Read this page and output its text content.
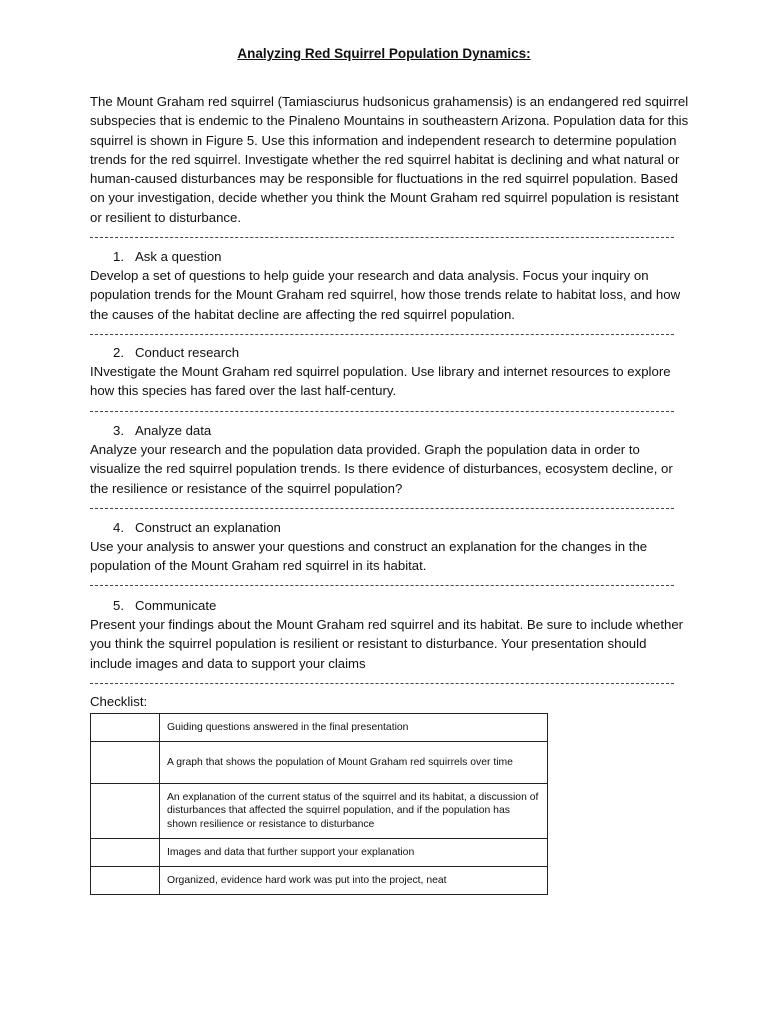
Analyzing Red Squirrel Population Dynamics:
The Mount Graham red squirrel (Tamiasciurus hudsonicus grahamensis) is an endangered red squirrel subspecies that is endemic to the Pinaleno Mountains in southeastern Arizona. Population data for this squirrel is shown in Figure 5. Use this information and independent research to determine population trends for the red squirrel. Investigate whether the red squirrel habitat is declining and what natural or human-caused disturbances may be responsible for fluctuations in the red squirrel population. Based on your investigation, decide whether you think the Mount Graham red squirrel population is resistant or resilient to disturbance.
1. Ask a question
Develop a set of questions to help guide your research and data analysis. Focus your inquiry on population trends for the Mount Graham red squirrel, how those trends relate to habitat loss, and how the causes of the habitat decline are affecting the red squirrel population.
2. Conduct research
INvestigate the Mount Graham red squirrel population. Use library and internet resources to explore how this species has fared over the last half-century.
3. Analyze data
Analyze your research and the population data provided. Graph the population data in order to visualize the red squirrel population trends. Is there evidence of disturbances, ecosystem decline, or the resilience or resistance of the squirrel population?
4. Construct an explanation
Use your analysis to answer your questions and construct an explanation for the changes in the population of the Mount Graham red squirrel in its habitat.
5. Communicate
Present your findings about the Mount Graham red squirrel and its habitat. Be sure to include whether you think the squirrel population is resilient or resistant to disturbance. Your presentation should include images and data to support your claims
Checklist:
	Guiding questions answered in the final presentation
	A graph that shows the population of Mount Graham red squirrels over time
	An explanation of the current status of the squirrel and its habitat, a discussion of disturbances that affected the squirrel population, and if the population has shown resilience or resistance to disturbance
	Images and data that further support your explanation
	Organized, evidence hard work was put into the project, neat
